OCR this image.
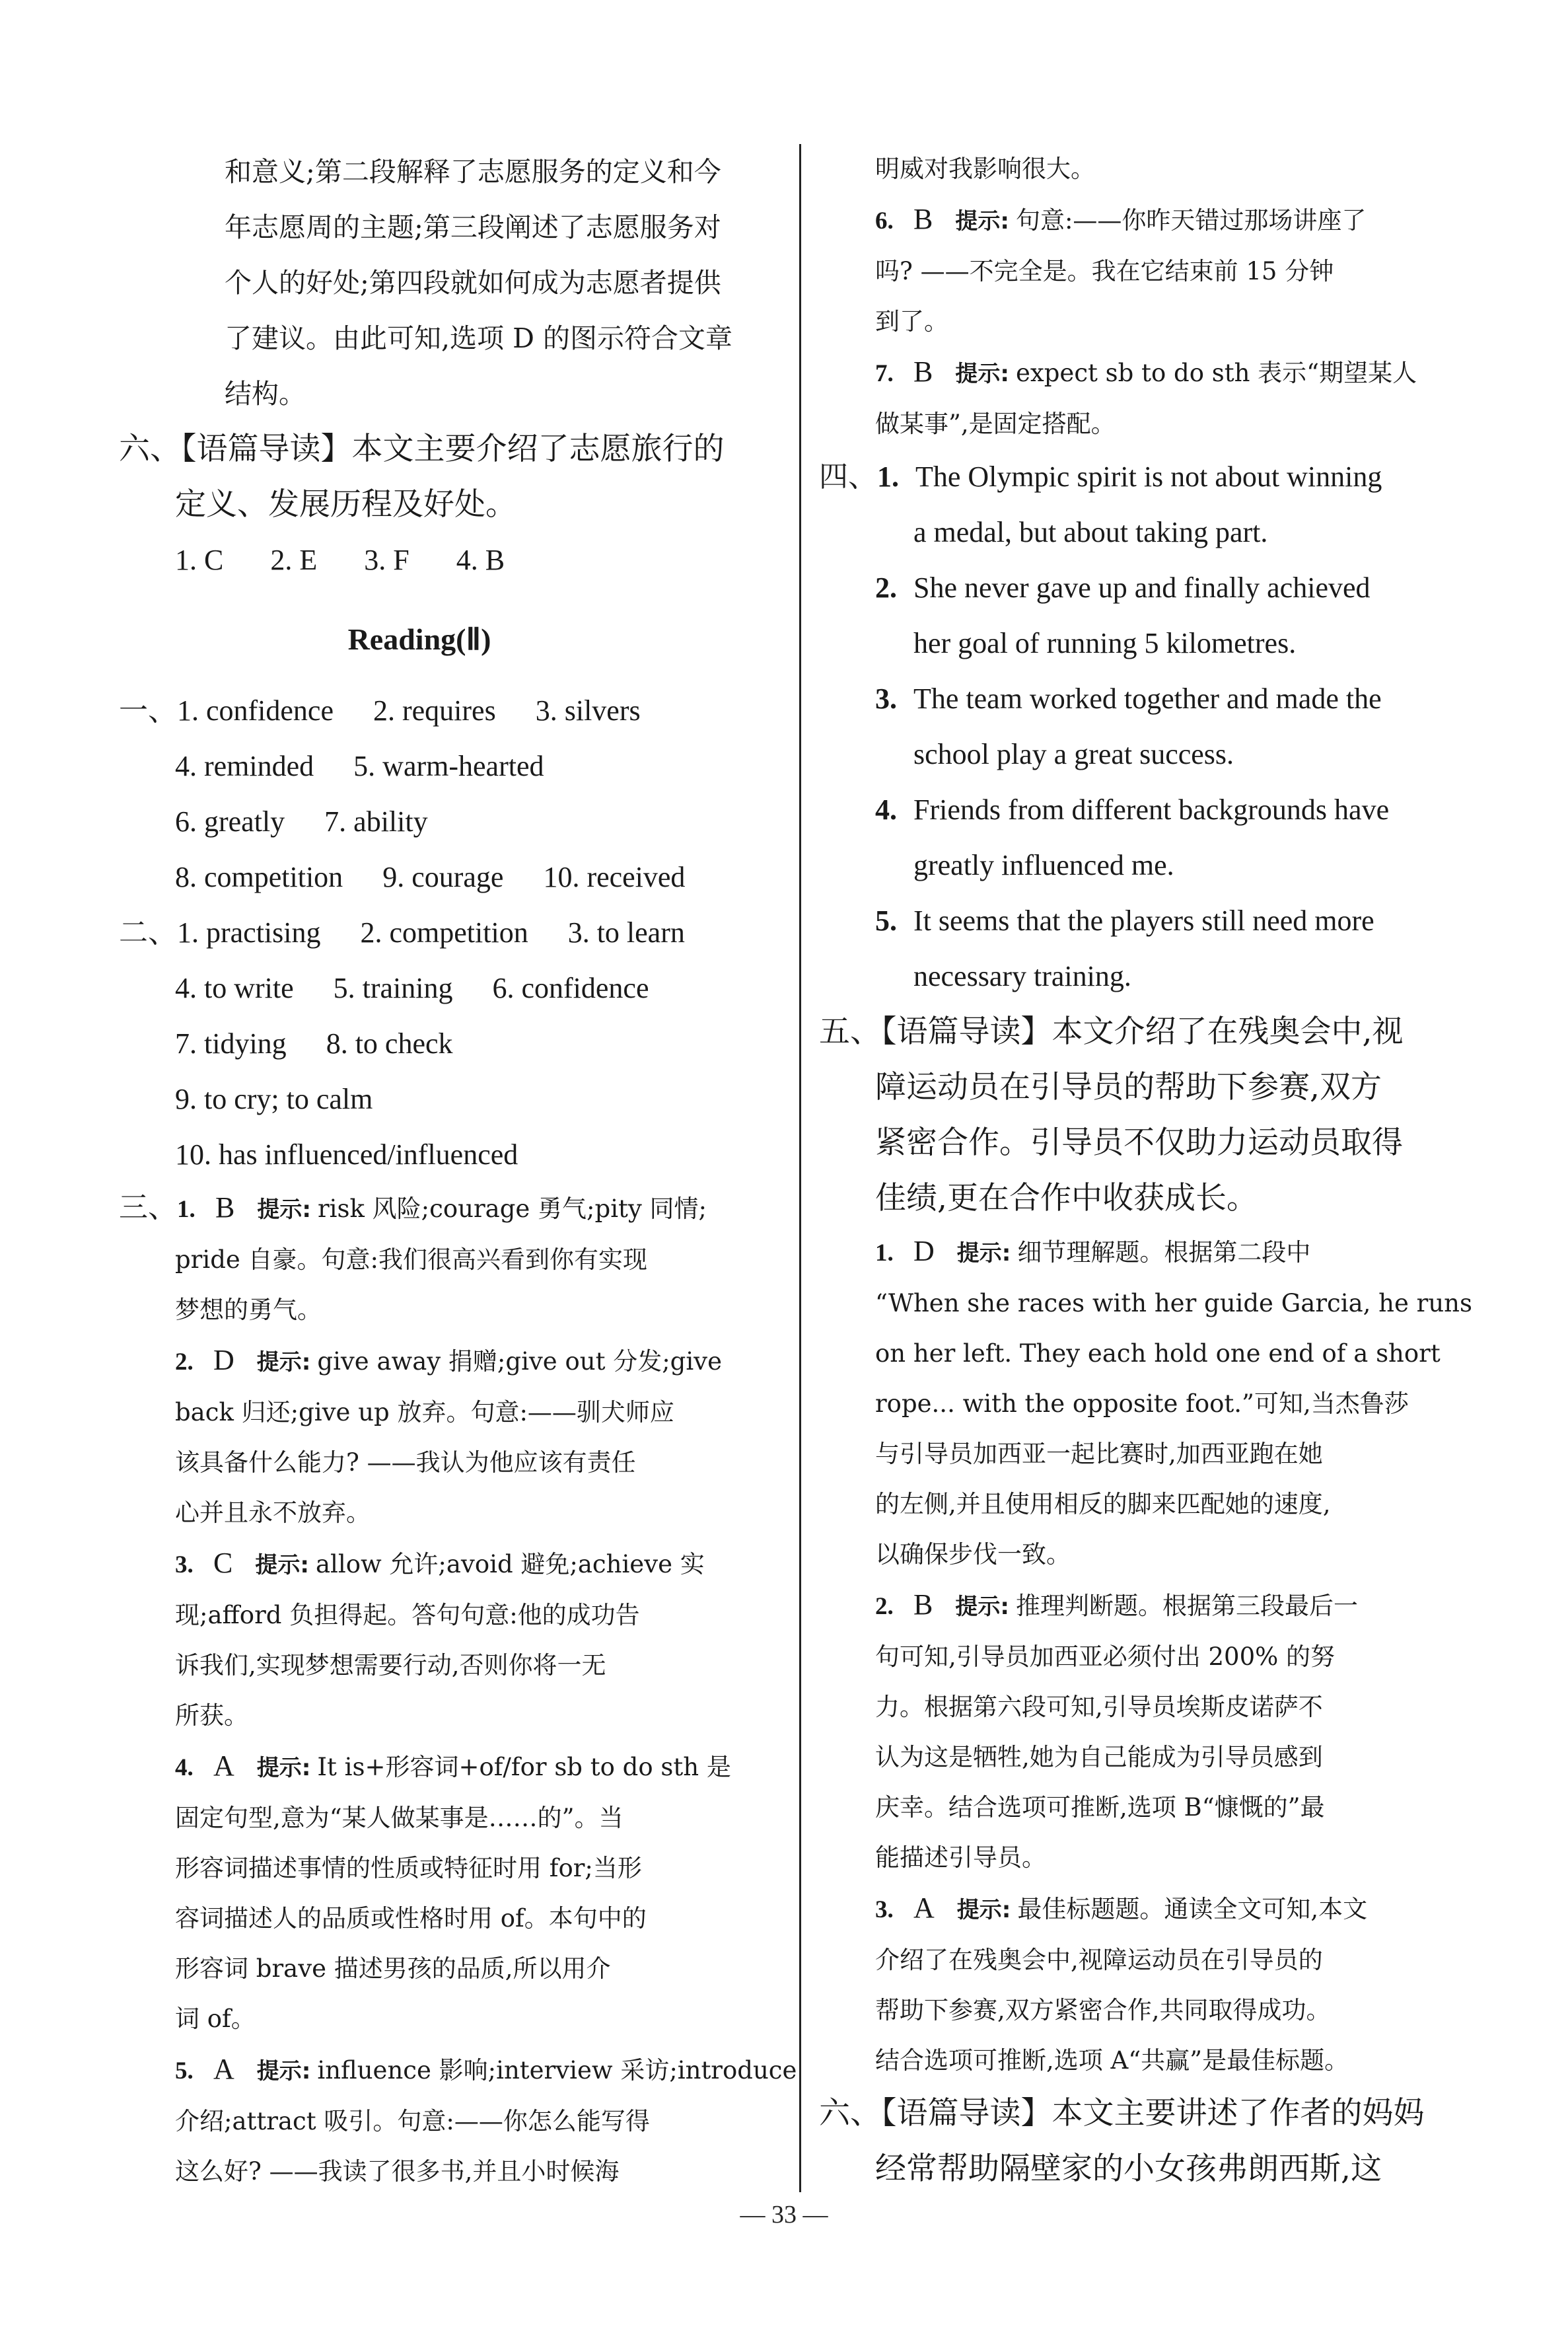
和意义;第二段解释了志愿服务的定义和今
年志愿周的主题;第三段阐述了志愿服务对
个人的好处;第四段就如何成为志愿者提供
了建议。由此可知,选项 D 的图示符合文章
结构。
六、【语篇导读】本文主要介绍了志愿旅行的
定义、发展历程及好处。
1. C 2. E 3. F 4. B
Reading(Ⅱ)
一、1. confidence 2. requires 3. silvers
4. reminded 5. warm-hearted
6. greatly 7. ability
8. competition 9. courage 10. received
二、1. practising 2. competition 3. to learn
4. to write 5. training 6. confidence
7. tidying 8. to check
9. to cry; to calm
10. has influenced/influenced
三、1. B 提示: risk 风险;courage 勇气;pity 同情;
pride 自豪。句意:我们很高兴看到你有实现
梦想的勇气。
2. D 提示: give away 捐赠;give out 分发;give
back 归还;give up 放弃。句意:——驯犬师应
该具备什么能力? ——我认为他应该有责任
心并且永不放弃。
3. C 提示: allow 允许;avoid 避免;achieve 实
现;afford 负担得起。答句句意:他的成功告
诉我们,实现梦想需要行动,否则你将一无
所获。
4. A 提示: It is+形容词+of/for sb to do sth 是
固定句型,意为“某人做某事是……的”。当
形容词描述事情的性质或特征时用 for;当形
容词描述人的品质或性格时用 of。本句中的
形容词 brave 描述男孩的品质,所以用介
词 of。
5. A 提示: influence 影响;interview 采访;introduce
介绍;attract 吸引。句意:——你怎么能写得
这么好? ——我读了很多书,并且小时候海
明威对我影响很大。
6. B 提示: 句意:——你昨天错过那场讲座了
吗? ——不完全是。我在它结束前 15 分钟
到了。
7. B 提示: expect sb to do sth 表示“期望某人
做某事”,是固定搭配。
四、1. The Olympic spirit is not about winning
a medal, but about taking part.
2. She never gave up and finally achieved
her goal of running 5 kilometres.
3. The team worked together and made the
school play a great success.
4. Friends from different backgrounds have
greatly influenced me.
5. It seems that the players still need more
necessary training.
五、【语篇导读】本文介绍了在残奥会中,视
障运动员在引导员的帮助下参赛,双方
紧密合作。引导员不仅助力运动员取得
佳绩,更在合作中收获成长。
1. D 提示: 细节理解题。根据第二段中
“When she races with her guide Garcia, he runs
on her left. They each hold one end of a short
rope... with the opposite foot.”可知,当杰鲁莎
与引导员加西亚一起比赛时,加西亚跑在她
的左侧,并且使用相反的脚来匹配她的速度,
以确保步伐一致。
2. B 提示: 推理判断题。根据第三段最后一
句可知,引导员加西亚必须付出 200% 的努
力。根据第六段可知,引导员埃斯皮诺萨不
认为这是牺牲,她为自己能成为引导员感到
庆幸。结合选项可推断,选项 B“慷慨的”最
能描述引导员。
3. A 提示: 最佳标题题。通读全文可知,本文
介绍了在残奥会中,视障运动员在引导员的
帮助下参赛,双方紧密合作,共同取得成功。
结合选项可推断,选项 A“共赢”是最佳标题。
六、【语篇导读】本文主要讲述了作者的妈妈
经常帮助隔壁家的小女孩弗朗西斯,这
— 33 —
